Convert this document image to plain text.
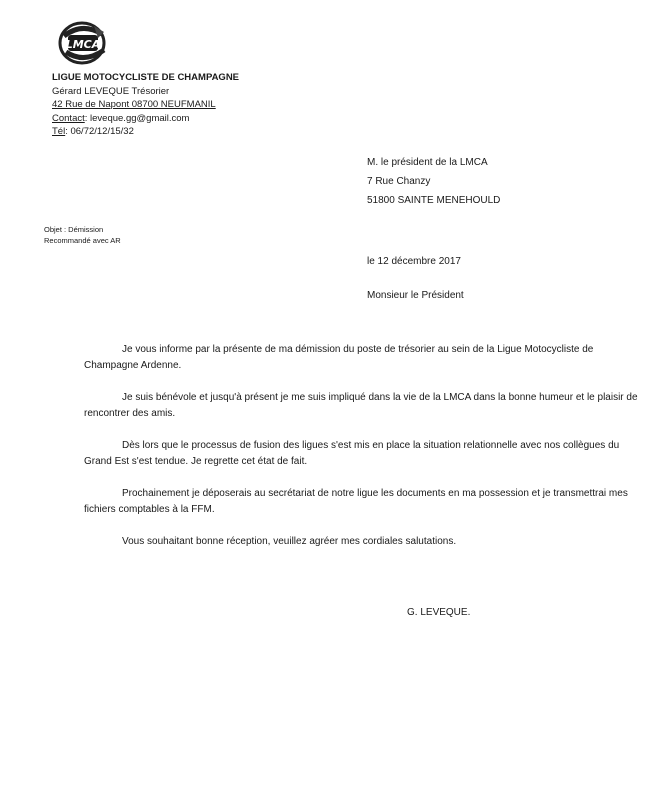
LMCA
LIGUE MOTOCYCLISTE DE CHAMPAGNE
Gérard LEVEQUE Trésorier
42 Rue de Napont 08700 NEUFMANIL
Contact: leveque.gg@gmail.com
Tél: 06/72/12/15/32
M. le président de la LMCA
7 Rue Chanzy
51800 SAINTE MENEHOULD
Objet : Démission
Recommandé avec AR
le 12 décembre 2017
Monsieur le Président

Je vous informe par la présente de ma démission du poste de trésorier au sein de la Ligue Motocycliste de Champagne Ardenne.

Je suis bénévole et jusqu'à présent je me suis impliqué dans la vie de la LMCA dans la bonne humeur et le plaisir de rencontrer des amis.

Dès lors que le processus de fusion des ligues s'est mis en place la situation relationnelle avec nos collègues du Grand Est s'est tendue. Je regrette cet état de fait.

Prochainement je déposerais au secrétariat de notre ligue les documents en ma possession et je transmettrai mes fichiers comptables à la FFM.

Vous souhaitant bonne réception, veuillez agréer mes cordiales salutations.

G. LEVEQUE.
